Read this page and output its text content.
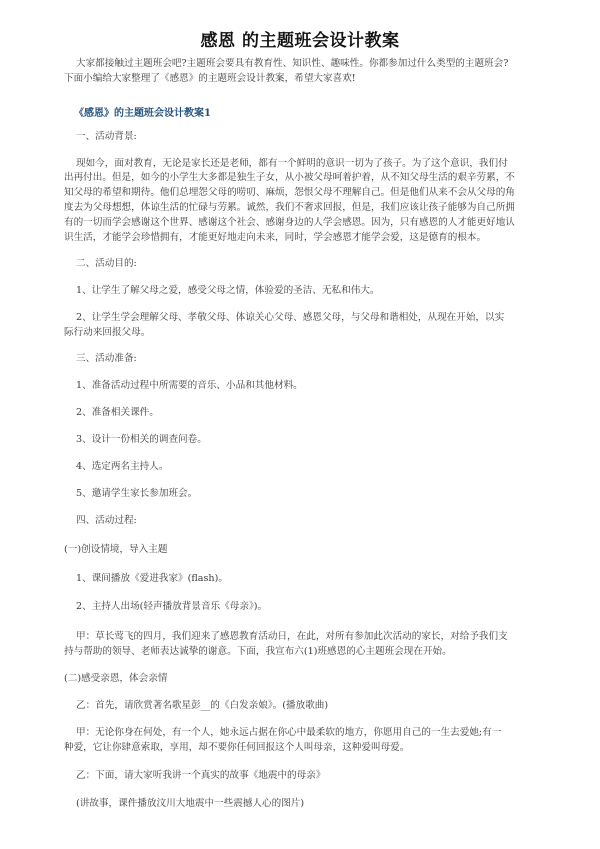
感恩 的主题班会设计教案
大家都接触过主题班会吧?主题班会要具有教育性、知识性、趣味性。你都参加过什么类型的主题班会?
下面小编给大家整理了《感恩》的主题班会设计教案，希望大家喜欢!
《感恩》的主题班会设计教案1
一、活动背景:
现如今，面对教育，无论是家长还是老师，都有一个鲜明的意识一切为了孩子。为了这个意识，我们付
出再付出。但是，如今的小学生大多都是独生子女，从小被父母呵着护着，从不知父母生活的艰辛劳累，不
知父母的希望和期待。他们总埋怨父母的唠叨、麻烦，怨恨父母不理解自己。但是他们从来不会从父母的角
度去为父母想想，体谅生活的忙碌与劳累。诚然，我们不奢求回报，但是，我们应该让孩子能够为自己所拥
有的一切而学会感谢这个世界、感谢这个社会、感谢身边的人学会感恩。因为，只有感恩的人才能更好地认
识生活，才能学会珍惜拥有，才能更好地走向未来，同时，学会感恩才能学会爱，这是德育的根本。
二、活动目的:
1、让学生了解父母之爱，感受父母之情，体验爱的圣洁、无私和伟大。
2、让学生学会理解父母、孝敬父母、体谅关心父母、感恩父母，与父母和谐相处，从现在开始，以实
际行动来回报父母。
三、活动准备:
1、准备活动过程中所需要的音乐、小品和其他材料。
2、准备相关课件。
3、设计一份相关的调查问卷。
4、选定两名主持人。
5、邀请学生家长参加班会。
四、活动过程:
(一)创设情境，导入主题
1、课间播放《爱进我家》(flash)。
2、主持人出场(轻声播放背景音乐《母亲》)。
甲：草长莺飞的四月，我们迎来了感恩教育活动日，在此，对所有参加此次活动的家长，对给予我们支
持与帮助的领导、老师表达诚挚的谢意。下面，我宣布六(1)班感恩的心主题班会现在开始。
(二)感受亲恩，体会亲情
乙：首先，请欣赏著名歌星彭__的《白发亲娘》。(播放歌曲)
甲：无论你身在何处，有一个人，她永远占据在你心中最柔软的地方，你愿用自己的一生去爱她;有一
种爱，它让你肆意索取，享用，却不要你任何回报这个人叫母亲，这种爱叫母爱。
乙：下面，请大家听我讲一个真实的故事《地震中的母亲》
(讲故事，课件播放汶川大地震中一些震撼人心的图片)
